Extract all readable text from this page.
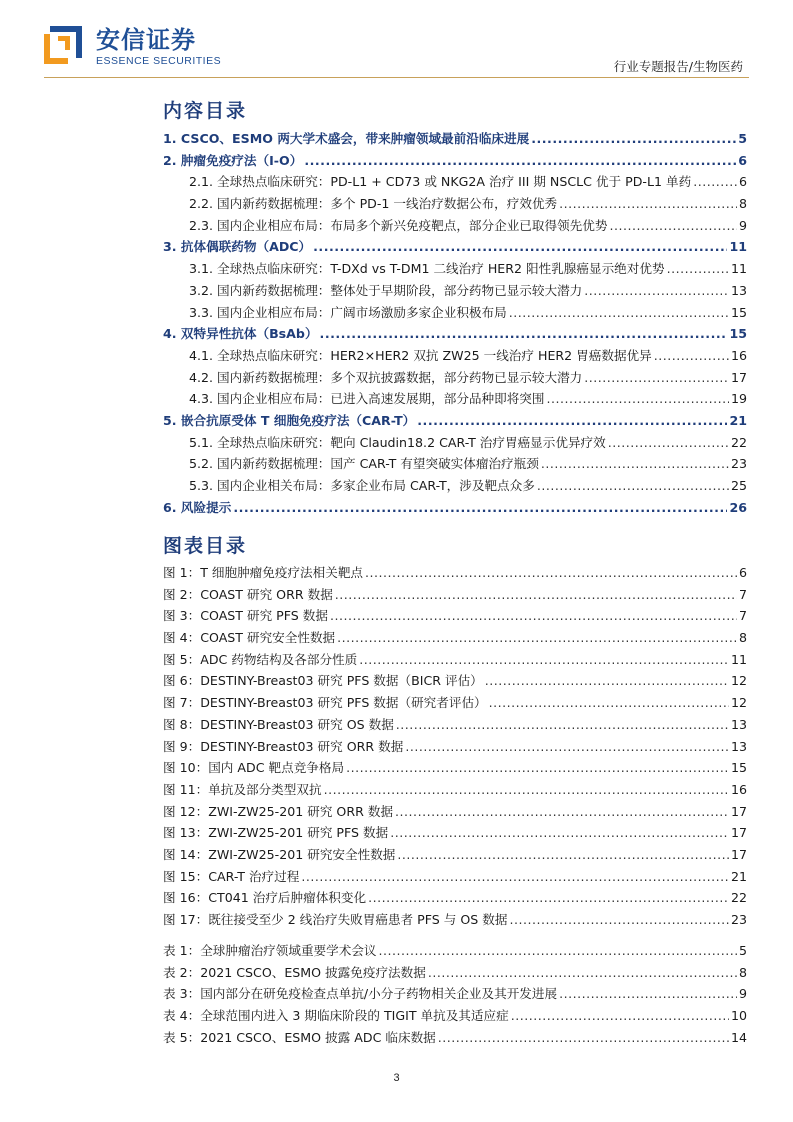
安信证券
ESSENCE SECURITIES	行业专题报告/生物医药
内容目录
1. CSCO、ESMO 两大学术盛会，带来肿瘤领域最前沿临床进展 .....	5
2. 肿瘤免疫疗法（I-O） .....	6
2.1. 全球热点临床研究：PD-L1 + CD73 或 NKG2A 治疗 III 期 NSCLC 优于 PD-L1 单药 .....	6
2.2. 国内新药数据梳理：多个 PD-1 一线治疗数据公布，疗效优秀 .....	8
2.3. 国内企业相应布局：布局多个新兴免疫靶点，部分企业已取得领先优势 .....	9
3. 抗体偶联药物（ADC） .....	11
3.1. 全球热点临床研究：T-DXd vs T-DM1 二线治疗 HER2 阳性乳腺癌显示绝对优势 .....	11
3.2. 国内新药数据梳理：整体处于早期阶段，部分药物已显示较大潜力 .....	13
3.3. 国内企业相应布局：广阔市场激励多家企业积极布局 .....	15
4. 双特异性抗体（BsAb） .....	15
4.1. 全球热点临床研究：HER2×HER2 双抗 ZW25 一线治疗 HER2 胃癌数据优异 .....	16
4.2. 国内新药数据梳理：多个双抗披露数据，部分药物已显示较大潜力 .....	17
4.3. 国内企业相应布局：已进入高速发展期，部分品种即将突围 .....	19
5. 嵌合抗原受体 T 细胞免疫疗法（CAR-T） .....	21
5.1. 全球热点临床研究：靶向 Claudin18.2 CAR-T 治疗胃癌显示优异疗效 .....	22
5.2. 国内新药数据梳理：国产 CAR-T 有望突破实体瘤治疗瓶颈 .....	23
5.3. 国内企业相关布局：多家企业布局 CAR-T，涉及靶点众多 .....	25
6. 风险提示 .....	26
图表目录
图 1：T 细胞肿瘤免疫疗法相关靶点 .....	6
图 2：COAST 研究 ORR 数据 .....	7
图 3：COAST 研究 PFS 数据 .....	7
图 4：COAST 研究安全性数据 .....	8
图 5：ADC 药物结构及各部分性质 .....	11
图 6：DESTINY-Breast03 研究 PFS 数据（BICR 评估） .....	12
图 7：DESTINY-Breast03 研究 PFS 数据（研究者评估） .....	12
图 8：DESTINY-Breast03 研究 OS 数据 .....	13
图 9：DESTINY-Breast03 研究 ORR 数据 .....	13
图 10：国内 ADC 靶点竞争格局 .....	15
图 11：单抗及部分类型双抗 .....	16
图 12：ZWI-ZW25-201 研究 ORR 数据 .....	17
图 13：ZWI-ZW25-201 研究 PFS 数据 .....	17
图 14：ZWI-ZW25-201 研究安全性数据 .....	17
图 15：CAR-T 治疗过程 .....	21
图 16：CT041 治疗后肿瘤体积变化 .....	22
图 17：既往接受至少 2 线治疗失败胃癌患者 PFS 与 OS 数据 .....	23
表 1：全球肿瘤治疗领域重要学术会议 .....	5
表 2：2021 CSCO、ESMO 披露免疫疗法数据 .....	8
表 3：国内部分在研免疫检查点单抗/小分子药物相关企业及其开发进展 .....	9
表 4：全球范围内进入 3 期临床阶段的 TIGIT 单抗及其适应症 .....	10
表 5：2021 CSCO、ESMO 披露 ADC 临床数据 .....	14
3
